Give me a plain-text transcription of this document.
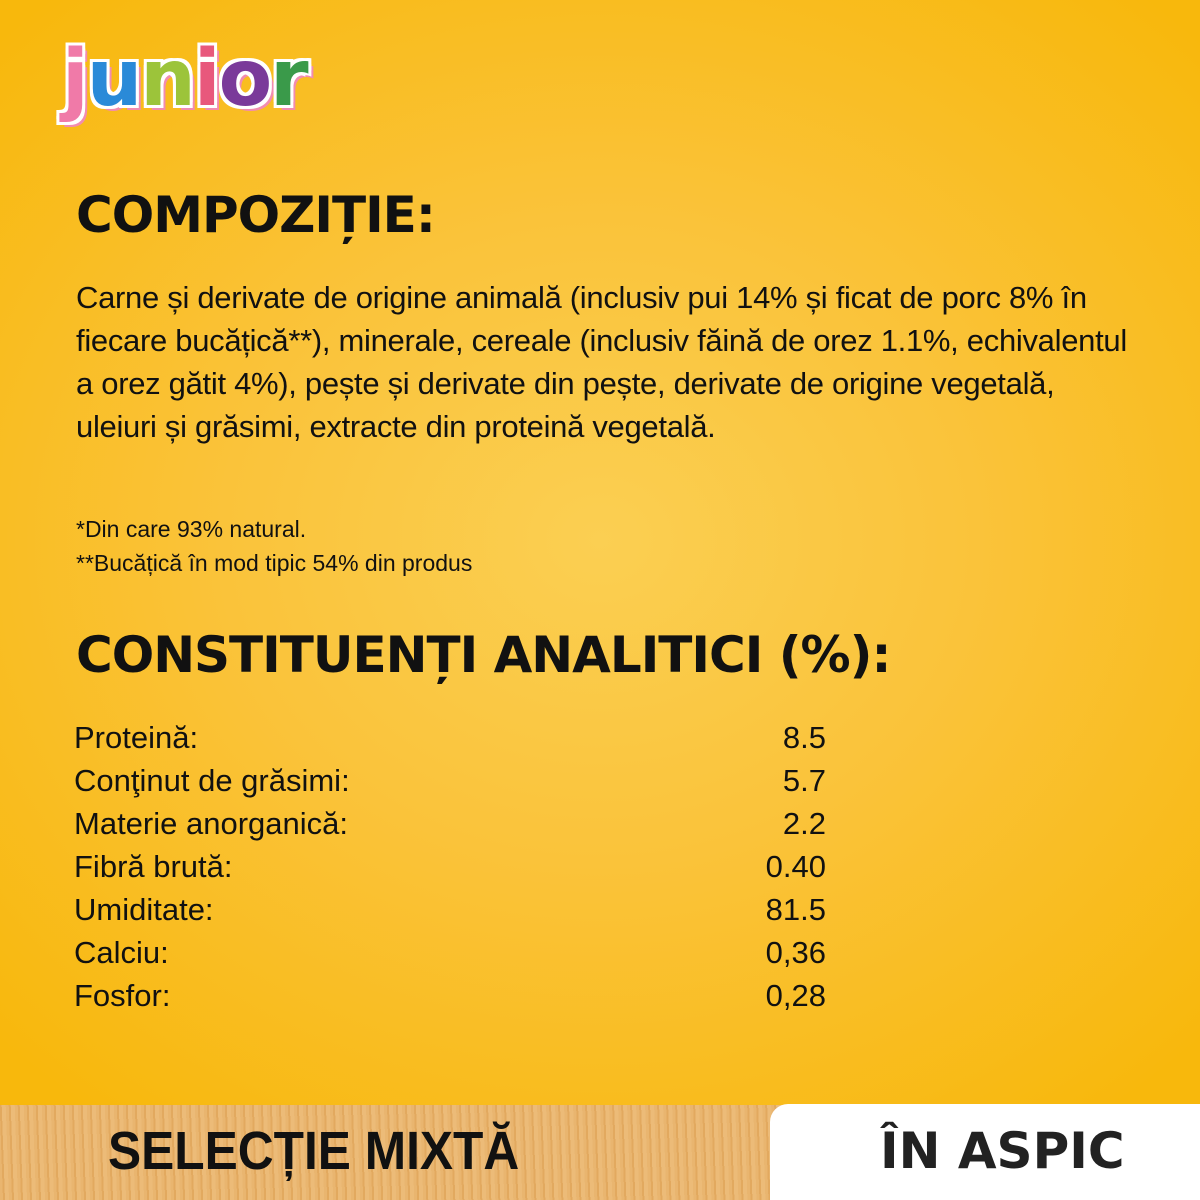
junior
COMPOZIȚIE:
Carne și derivate de origine animală (inclusiv pui 14% și ficat de porc 8% în fiecare bucățică**), minerale, cereale (inclusiv făină de orez 1.1%, echivalentul a orez gătit 4%), pește și derivate din pește, derivate de origine vegetală, uleiuri și grăsimi, extracte din proteină vegetală.
*Din care 93% natural.
**Bucățică în mod tipic 54% din produs
CONSTITUENȚI ANALITICI (%):
Proteină:	8.5
Conţinut de grăsimi:	5.7
Materie anorganică:	2.2
Fibră brută:	0.40
Umiditate:	81.5
Calciu:	0,36
Fosfor:	0,28
SELECȚIE MIXTĂ	ÎN ASPIC
